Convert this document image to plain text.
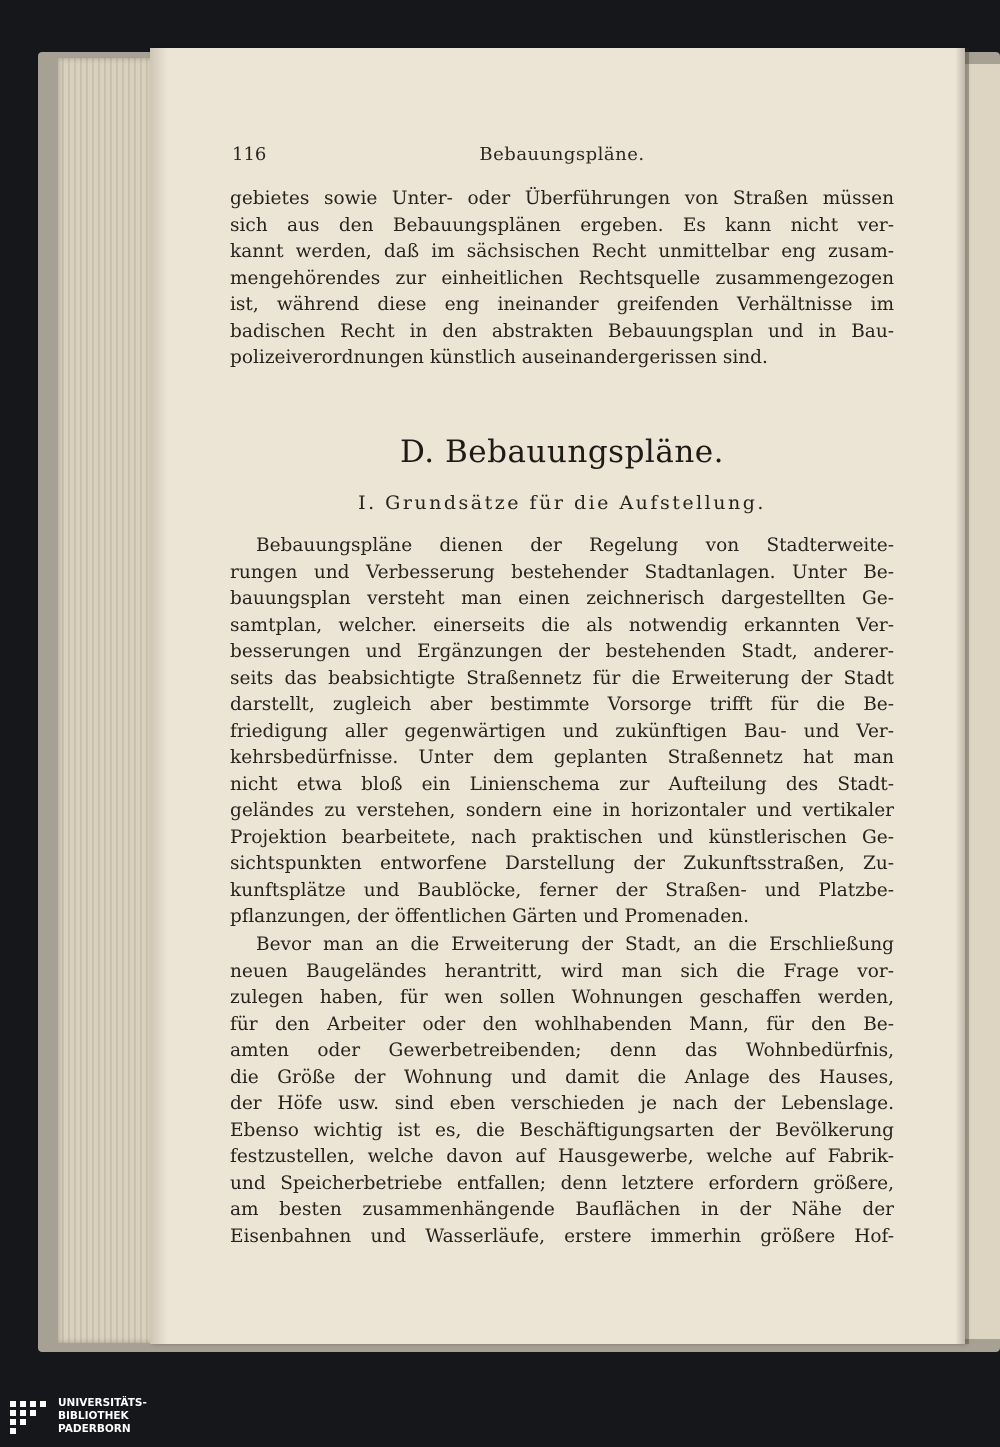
116	Bebauungspläne.
gebietes sowie Unter- oder Überführungen von Straßen müssen
sich aus den Bebauungsplänen ergeben. Es kann nicht ver-
kannt werden, daß im sächsischen Recht unmittelbar eng zusam-
mengehörendes zur einheitlichen Rechtsquelle zusammengezogen
ist, während diese eng ineinander greifenden Verhältnisse im
badischen Recht in den abstrakten Bebauungsplan und in Bau-
polizeiverordnungen künstlich auseinandergerissen sind.
D. Bebauungspläne.
I. Grundsätze für die Aufstellung.
Bebauungspläne dienen der Regelung von Stadterweite-
rungen und Verbesserung bestehender Stadtanlagen. Unter Be-
bauungsplan versteht man einen zeichnerisch dargestellten Ge-
samtplan, welcher. einerseits die als notwendig erkannten Ver-
besserungen und Ergänzungen der bestehenden Stadt, anderer-
seits das beabsichtigte Straßennetz für die Erweiterung der Stadt
darstellt, zugleich aber bestimmte Vorsorge trifft für die Be-
friedigung aller gegenwärtigen und zukünftigen Bau- und Ver-
kehrsbedürfnisse. Unter dem geplanten Straßennetz hat man
nicht etwa bloß ein Linienschema zur Aufteilung des Stadt-
geländes zu verstehen, sondern eine in horizontaler und vertikaler
Projektion bearbeitete, nach praktischen und künstlerischen Ge-
sichtspunkten entworfene Darstellung der Zukunftsstraßen, Zu-
kunftsplätze und Baublöcke, ferner der Straßen- und Platzbe-
pflanzungen, der öffentlichen Gärten und Promenaden.
Bevor man an die Erweiterung der Stadt, an die Erschließung
neuen Baugeländes herantritt, wird man sich die Frage vor-
zulegen haben, für wen sollen Wohnungen geschaffen werden,
für den Arbeiter oder den wohlhabenden Mann, für den Be-
amten oder Gewerbetreibenden; denn das Wohnbedürfnis,
die Größe der Wohnung und damit die Anlage des Hauses,
der Höfe usw. sind eben verschieden je nach der Lebenslage.
Ebenso wichtig ist es, die Beschäftigungsarten der Bevölkerung
festzustellen, welche davon auf Hausgewerbe, welche auf Fabrik-
und Speicherbetriebe entfallen; denn letztere erfordern größere,
am besten zusammenhängende Bauflächen in der Nähe der
Eisenbahnen und Wasserläufe, erstere immerhin größere Hof-
UNIVERSITÄTS-
BIBLIOTHEK
PADERBORN
